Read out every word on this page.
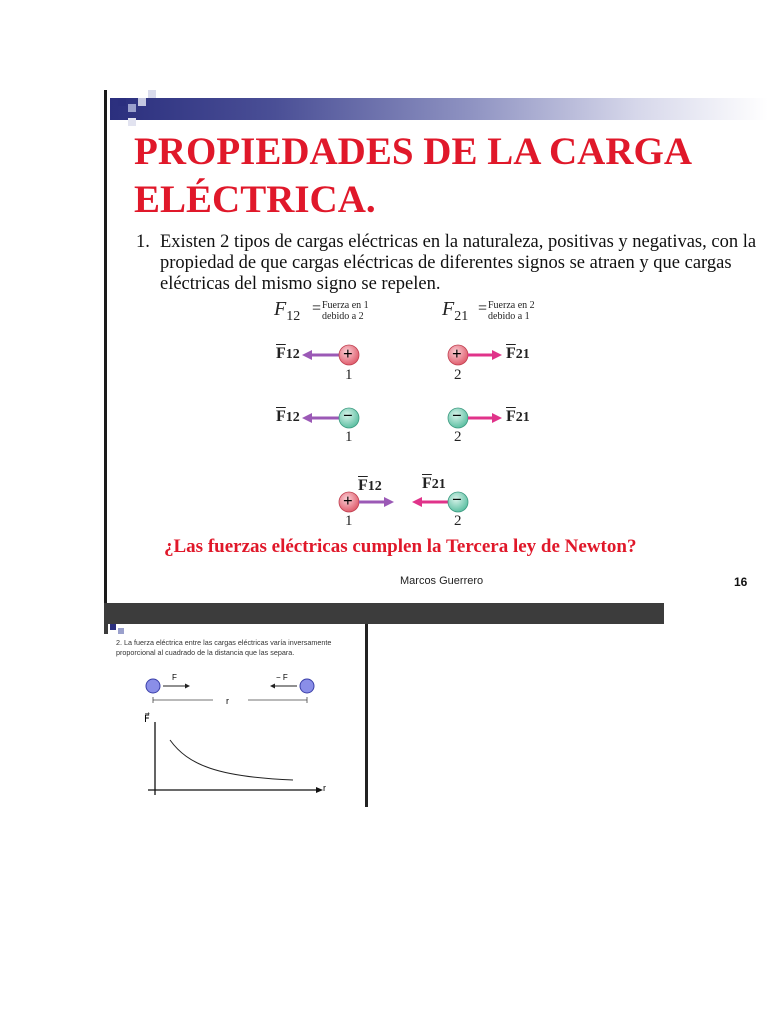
PROPIEDADES DE LA CARGA
ELÉCTRICA.
1. Existen 2 tipos de cargas eléctricas en la naturaleza, positivas y negativas, con la propiedad de que cargas eléctricas de diferentes signos se atraen y que cargas eléctricas del mismo signo se repelen.
$F_{12}$ = Fuerza en 1
debido a 2	$F_{21}$ = Fuerza en 2
debido a 1
+	+
−	−
+	−
$\overline{F}12$	$\overline{F}21$
$\overline{F}12$	$\overline{F}21$
$\overline{F}12$	$\overline{F}21$
1	2
1	2
1	2
¿Las fuerzas eléctricas cumplen la Tercera ley de Newton?
Marcos Guerrero	16
2. La fuerza eléctrica entre las cargas eléctricas varía inversamente proporcional al cuadrado de la distancia que las separa.
F	− F
r
F⃗
r
